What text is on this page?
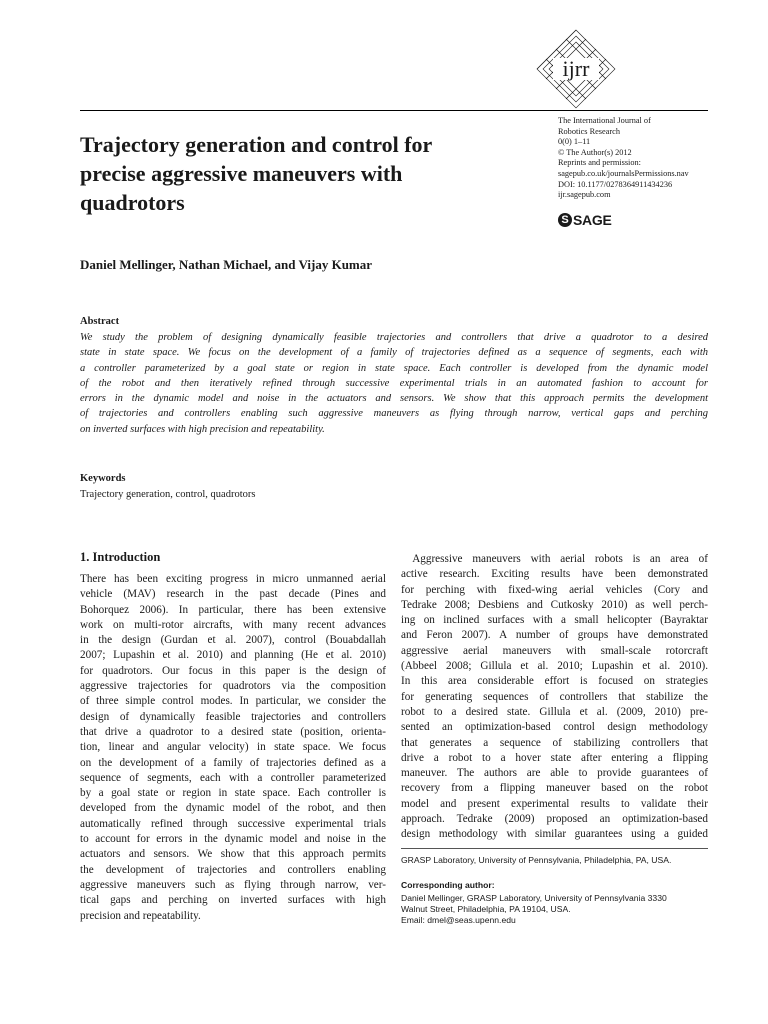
ijrr
Trajectory generation and control for
precise aggressive maneuvers with
quadrotors
The International Journal of
Robotics Research
0(0) 1–11
© The Author(s) 2012
Reprints and permission:
sagepub.co.uk/journalsPermissions.nav
DOI: 10.1177/0278364911434236
ijr.sagepub.com
S SAGE
Daniel Mellinger, Nathan Michael, and Vijay Kumar
Abstract
We study the problem of designing dynamically feasible trajectories and controllers that drive a quadrotor to a desired
state in state space. We focus on the development of a family of trajectories defined as a sequence of segments, each with
a controller parameterized by a goal state or region in state space. Each controller is developed from the dynamic model
of the robot and then iteratively refined through successive experimental trials in an automated fashion to account for
errors in the dynamic model and noise in the actuators and sensors. We show that this approach permits the development
of trajectories and controllers enabling such aggressive maneuvers as flying through narrow, vertical gaps and perching
on inverted surfaces with high precision and repeatability.
Keywords
Trajectory generation, control, quadrotors
1. Introduction
There has been exciting progress in micro unmanned aerial
vehicle (MAV) research in the past decade (Pines and
Bohorquez 2006). In particular, there has been extensive
work on multi-rotor aircrafts, with many recent advances
in the design (Gurdan et al. 2007), control (Bouabdallah
2007; Lupashin et al. 2010) and planning (He et al. 2010)
for quadrotors. Our focus in this paper is the design of
aggressive trajectories for quadrotors via the composition
of three simple control modes. In particular, we consider the
design of dynamically feasible trajectories and controllers
that drive a quadrotor to a desired state (position, orienta-
tion, linear and angular velocity) in state space. We focus
on the development of a family of trajectories defined as a
sequence of segments, each with a controller parameterized
by a goal state or region in state space. Each controller is
developed from the dynamic model of the robot, and then
automatically refined through successive experimental trials
to account for errors in the dynamic model and noise in the
actuators and sensors. We show that this approach permits
the development of trajectories and controllers enabling
aggressive maneuvers such as flying through narrow, ver-
tical gaps and perching on inverted surfaces with high
precision and repeatability.
 Aggressive maneuvers with aerial robots is an area of
active research. Exciting results have been demonstrated
for perching with fixed-wing aerial vehicles (Cory and
Tedrake 2008; Desbiens and Cutkosky 2010) as well perch-
ing on inclined surfaces with a small helicopter (Bayraktar
and Feron 2007). A number of groups have demonstrated
aggressive aerial maneuvers with small-scale rotorcraft
(Abbeel 2008; Gillula et al. 2010; Lupashin et al. 2010).
In this area considerable effort is focused on strategies
for generating sequences of controllers that stabilize the
robot to a desired state. Gillula et al. (2009, 2010) pre-
sented an optimization-based control design methodology
that generates a sequence of stabilizing controllers that
drive a robot to a hover state after entering a flipping
maneuver. The authors are able to provide guarantees of
recovery from a flipping maneuver based on the robot
model and present experimental results to validate their
approach. Tedrake (2009) proposed an optimization-based
design methodology with similar guarantees using a guided
GRASP Laboratory, University of Pennsylvania, Philadelphia, PA, USA.
Corresponding author:
Daniel Mellinger, GRASP Laboratory, University of Pennsylvania 3330
Walnut Street, Philadelphia, PA 19104, USA.
Email: dmel@seas.upenn.edu
